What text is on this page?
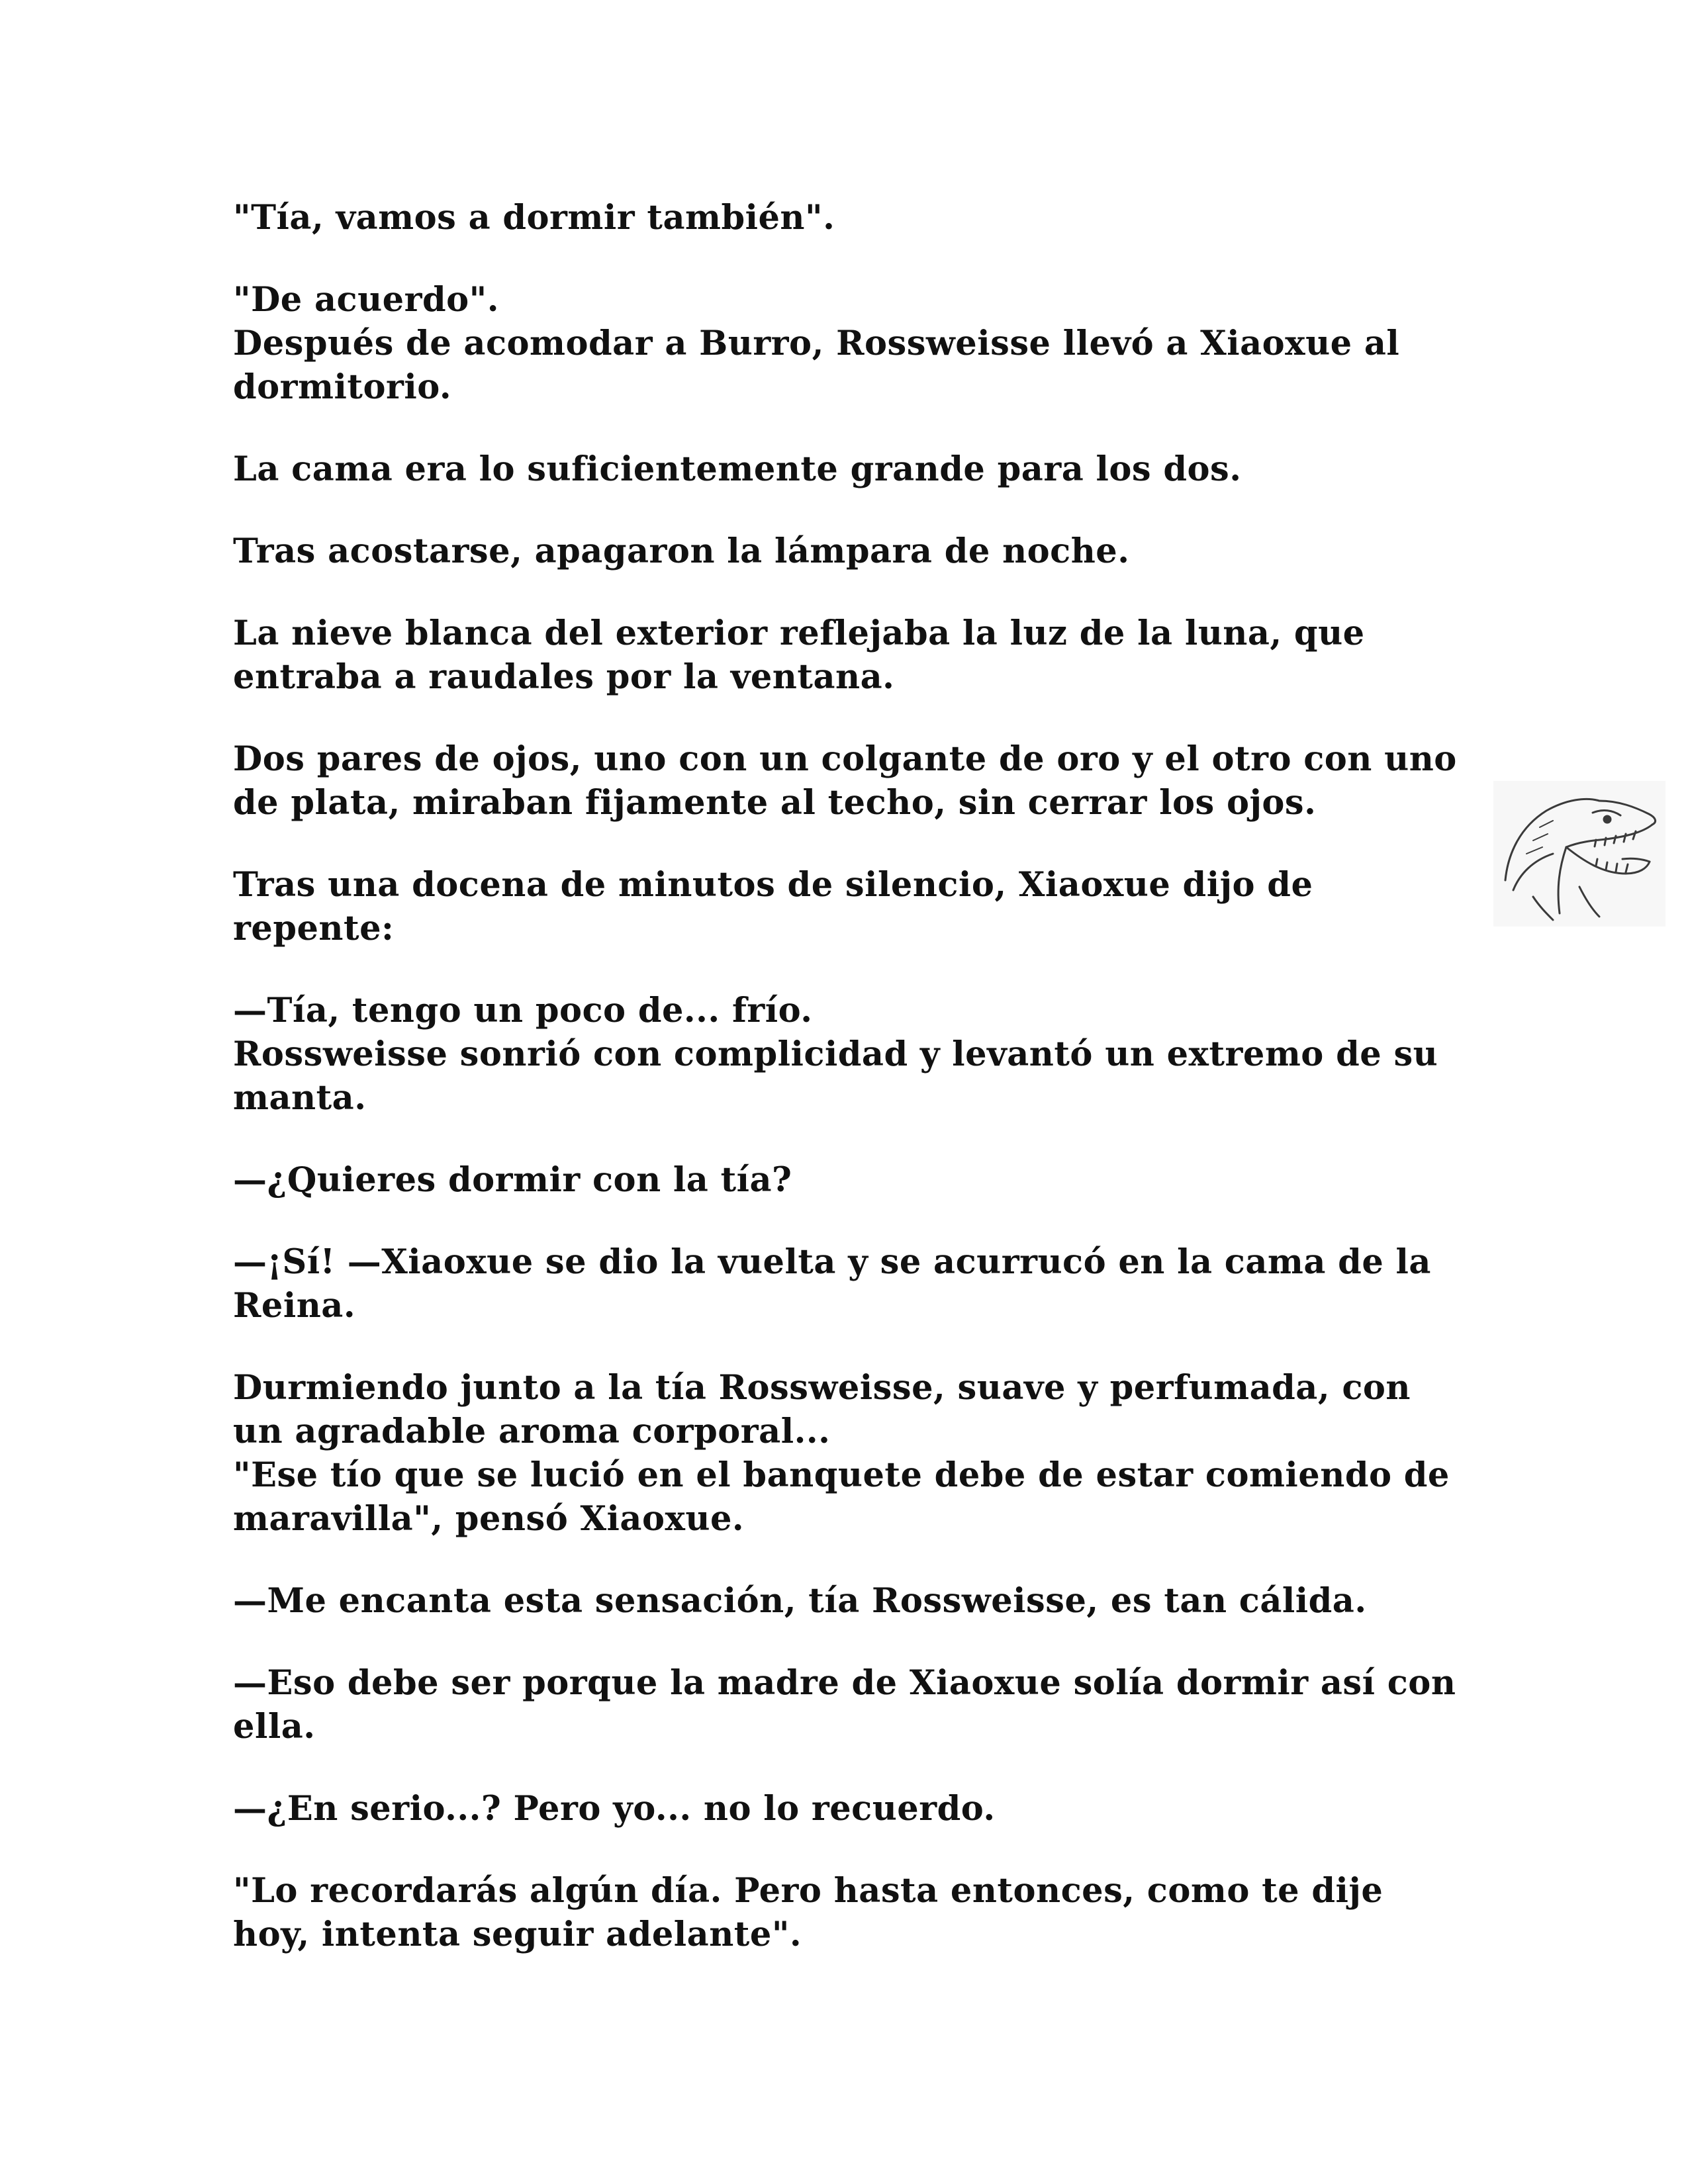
"Tía, vamos a dormir también".

"De acuerdo".
Después de acomodar a Burro, Rossweisse llevó a Xiaoxue al dormitorio.

La cama era lo suficientemente grande para los dos.

Tras acostarse, apagaron la lámpara de noche.

La nieve blanca del exterior reflejaba la luz de la luna, que entraba a raudales por la ventana.

Dos pares de ojos, uno con un colgante de oro y el otro con uno de plata, miraban fijamente al techo, sin cerrar los ojos.

Tras una docena de minutos de silencio, Xiaoxue dijo de repente:

—Tía, tengo un poco de... frío.
Rossweisse sonrió con complicidad y levantó un extremo de su manta.

—¿Quieres dormir con la tía?

—¡Sí! —Xiaoxue se dio la vuelta y se acurrucó en la cama de la Reina.

Durmiendo junto a la tía Rossweisse, suave y perfumada, con un agradable aroma corporal...
"Ese tío que se lució en el banquete debe de estar comiendo de maravilla", pensó Xiaoxue.

—Me encanta esta sensación, tía Rossweisse, es tan cálida.

—Eso debe ser porque la madre de Xiaoxue solía dormir así con ella.

—¿En serio...? Pero yo... no lo recuerdo.

"Lo recordarás algún día. Pero hasta entonces, como te dije hoy, intenta seguir adelante".
